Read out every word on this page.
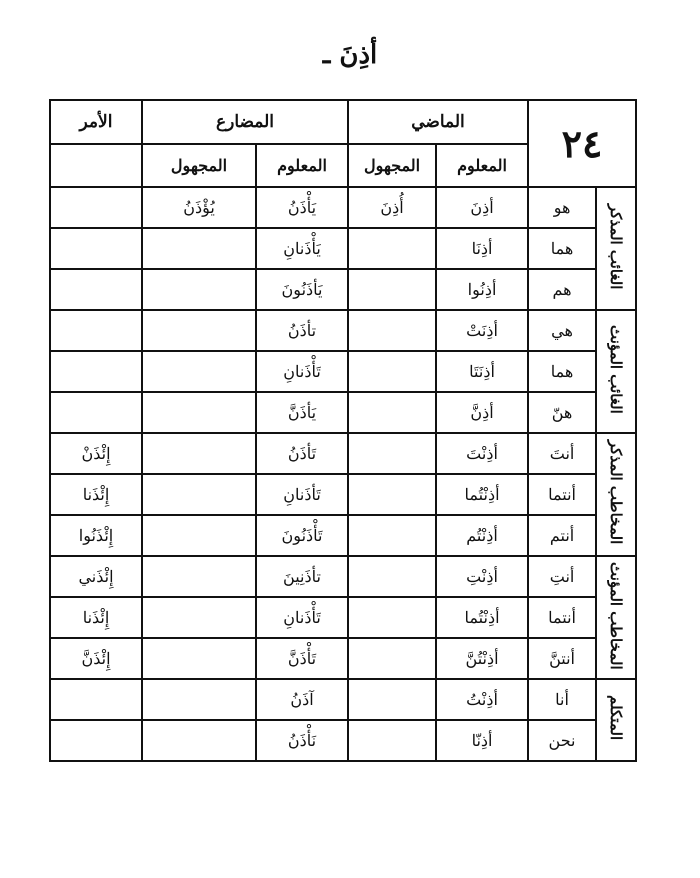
أذِنَ ـ
٢٤		الماضي		المضارع		الأمر
		المعلوم	المجهول	المعلوم	المجهول	
الغائب المذكر	هو	أذِنَ	أُذِنَ	يَأْذَنُ	يُؤْذَنُ	
	هما	أذِنَا		يَأْذَنانِ		
	هم	أذِنُوا		يَأذَنُونَ		
الغائب المؤنث	هي	أذِنَتْ		تأذَنُ		
	هما	أذِنَتَا		تَأْذَنانِ		
	هنّ	أذِنَّ		يَأذَنَّ		
المخاطب المذكر	أنتَ	أذِنْتَ		تَأذَنُ		إِئْذَنْ
	أنتما	أذِنْتُما		تَأذَنانِ		إِئْذَنا
	أنتم	أذِنْتُم		تَأْذَنُونَ		إِئْذَنُوا
المخاطب المؤنث	أنتِ	أذِنْتِ		تأذَنِينَ		إِئْذَني
	أنتما	أذِنْتُما		تَأْذَنانِ		إِئْذَنا
	أنتنَّ	أذِنْتُنَّ		تَأْذَنَّ		إِئْذَنَّ
المتكلم	أنا	أذِنْتُ		آذَنُ		
	نحن	أذِنّا		نَأْذَنُ		
